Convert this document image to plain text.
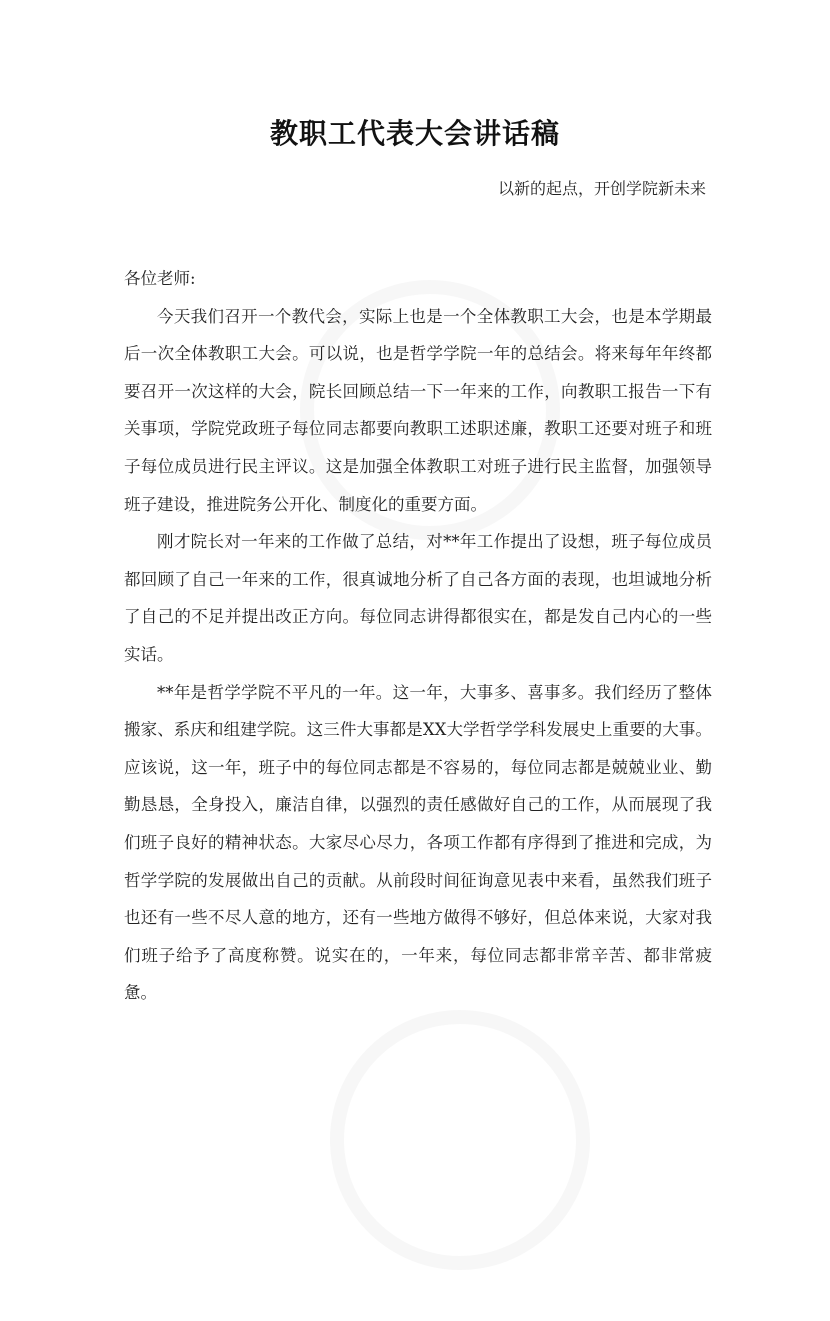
教职工代表大会讲话稿
以新的起点，开创学院新未来

各位老师:

今天我们召开一个教代会，实际上也是一个全体教职工大会，也是本学期最后一次全体教职工大会。可以说，也是哲学学院一年的总结会。将来每年年终都要召开一次这样的大会，院长回顾总结一下一年来的工作，向教职工报告一下有关事项，学院党政班子每位同志都要向教职工述职述廉，教职工还要对班子和班子每位成员进行民主评议。这是加强全体教职工对班子进行民主监督，加强领导班子建设，推进院务公开化、制度化的重要方面。

刚才院长对一年来的工作做了总结，对**年工作提出了设想，班子每位成员都回顾了自己一年来的工作，很真诚地分析了自己各方面的表现，也坦诚地分析了自己的不足并提出改正方向。每位同志讲得都很实在，都是发自己内心的一些实话。

**年是哲学学院不平凡的一年。这一年，大事多、喜事多。我们经历了整体搬家、系庆和组建学院。这三件大事都是XX大学哲学学科发展史上重要的大事。应该说，这一年，班子中的每位同志都是不容易的，每位同志都是兢兢业业、勤勤恳恳，全身投入，廉洁自律，以强烈的责任感做好自己的工作，从而展现了我们班子良好的精神状态。大家尽心尽力，各项工作都有序得到了推进和完成，为哲学学院的发展做出自己的贡献。从前段时间征询意见表中来看，虽然我们班子也还有一些不尽人意的地方，还有一些地方做得不够好，但总体来说，大家对我们班子给予了高度称赞。说实在的，一年来，每位同志都非常辛苦、都非常疲惫。
